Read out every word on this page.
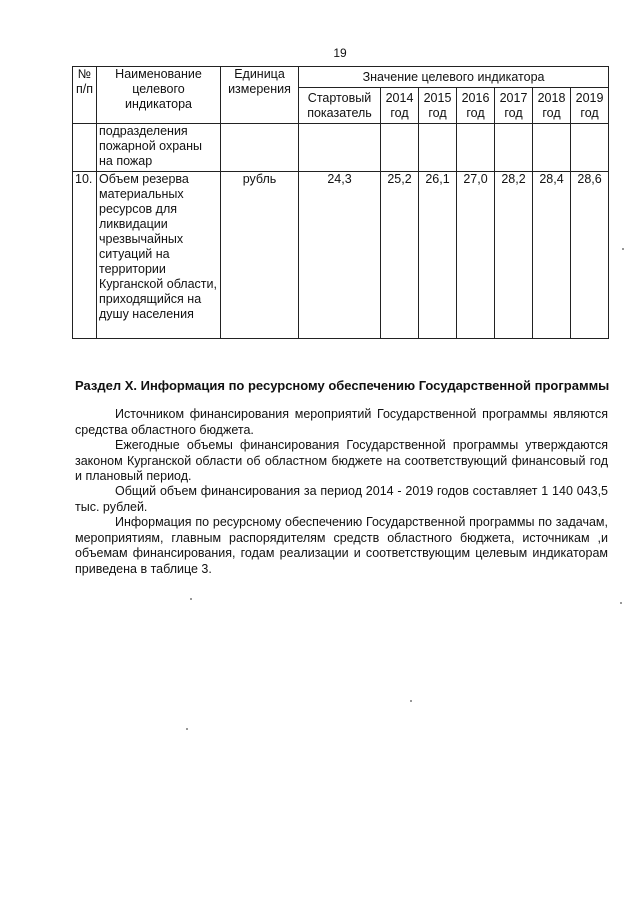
19
№ п/п	Наименование целевого индикатора	Единица измерения	Значение целевого индикатора						
			Стартовый показатель	2014 год	2015 год	2016 год	2017 год	2018 год	2019 год
	подразделения пожарной охраны на пожар								
10.	Объем резерва материальных ресурсов для ликвидации чрезвычайных ситуаций на территории Курганской области, приходящийся на душу населения	рубль	24,3	25,2	26,1	27,0	28,2	28,4	28,6
Раздел X. Информация по ресурсному обеспечению Государственной программы

Источником финансирования мероприятий Государственной программы являются средства областного бюджета.

Ежегодные объемы финансирования Государственной программы утверждаются законом Курганской области об областном бюджете на соответствующий финансовый год и плановый период.

Общий объем финансирования за период 2014 - 2019 годов составляет 1 140 043,5 тыс. рублей.

Информация по ресурсному обеспечению Государственной программы по задачам, мероприятиям, главным распорядителям средств областного бюджета, источникам ,и объемам финансирования, годам реализации и соответствующим целевым индикаторам приведена в таблице 3.
